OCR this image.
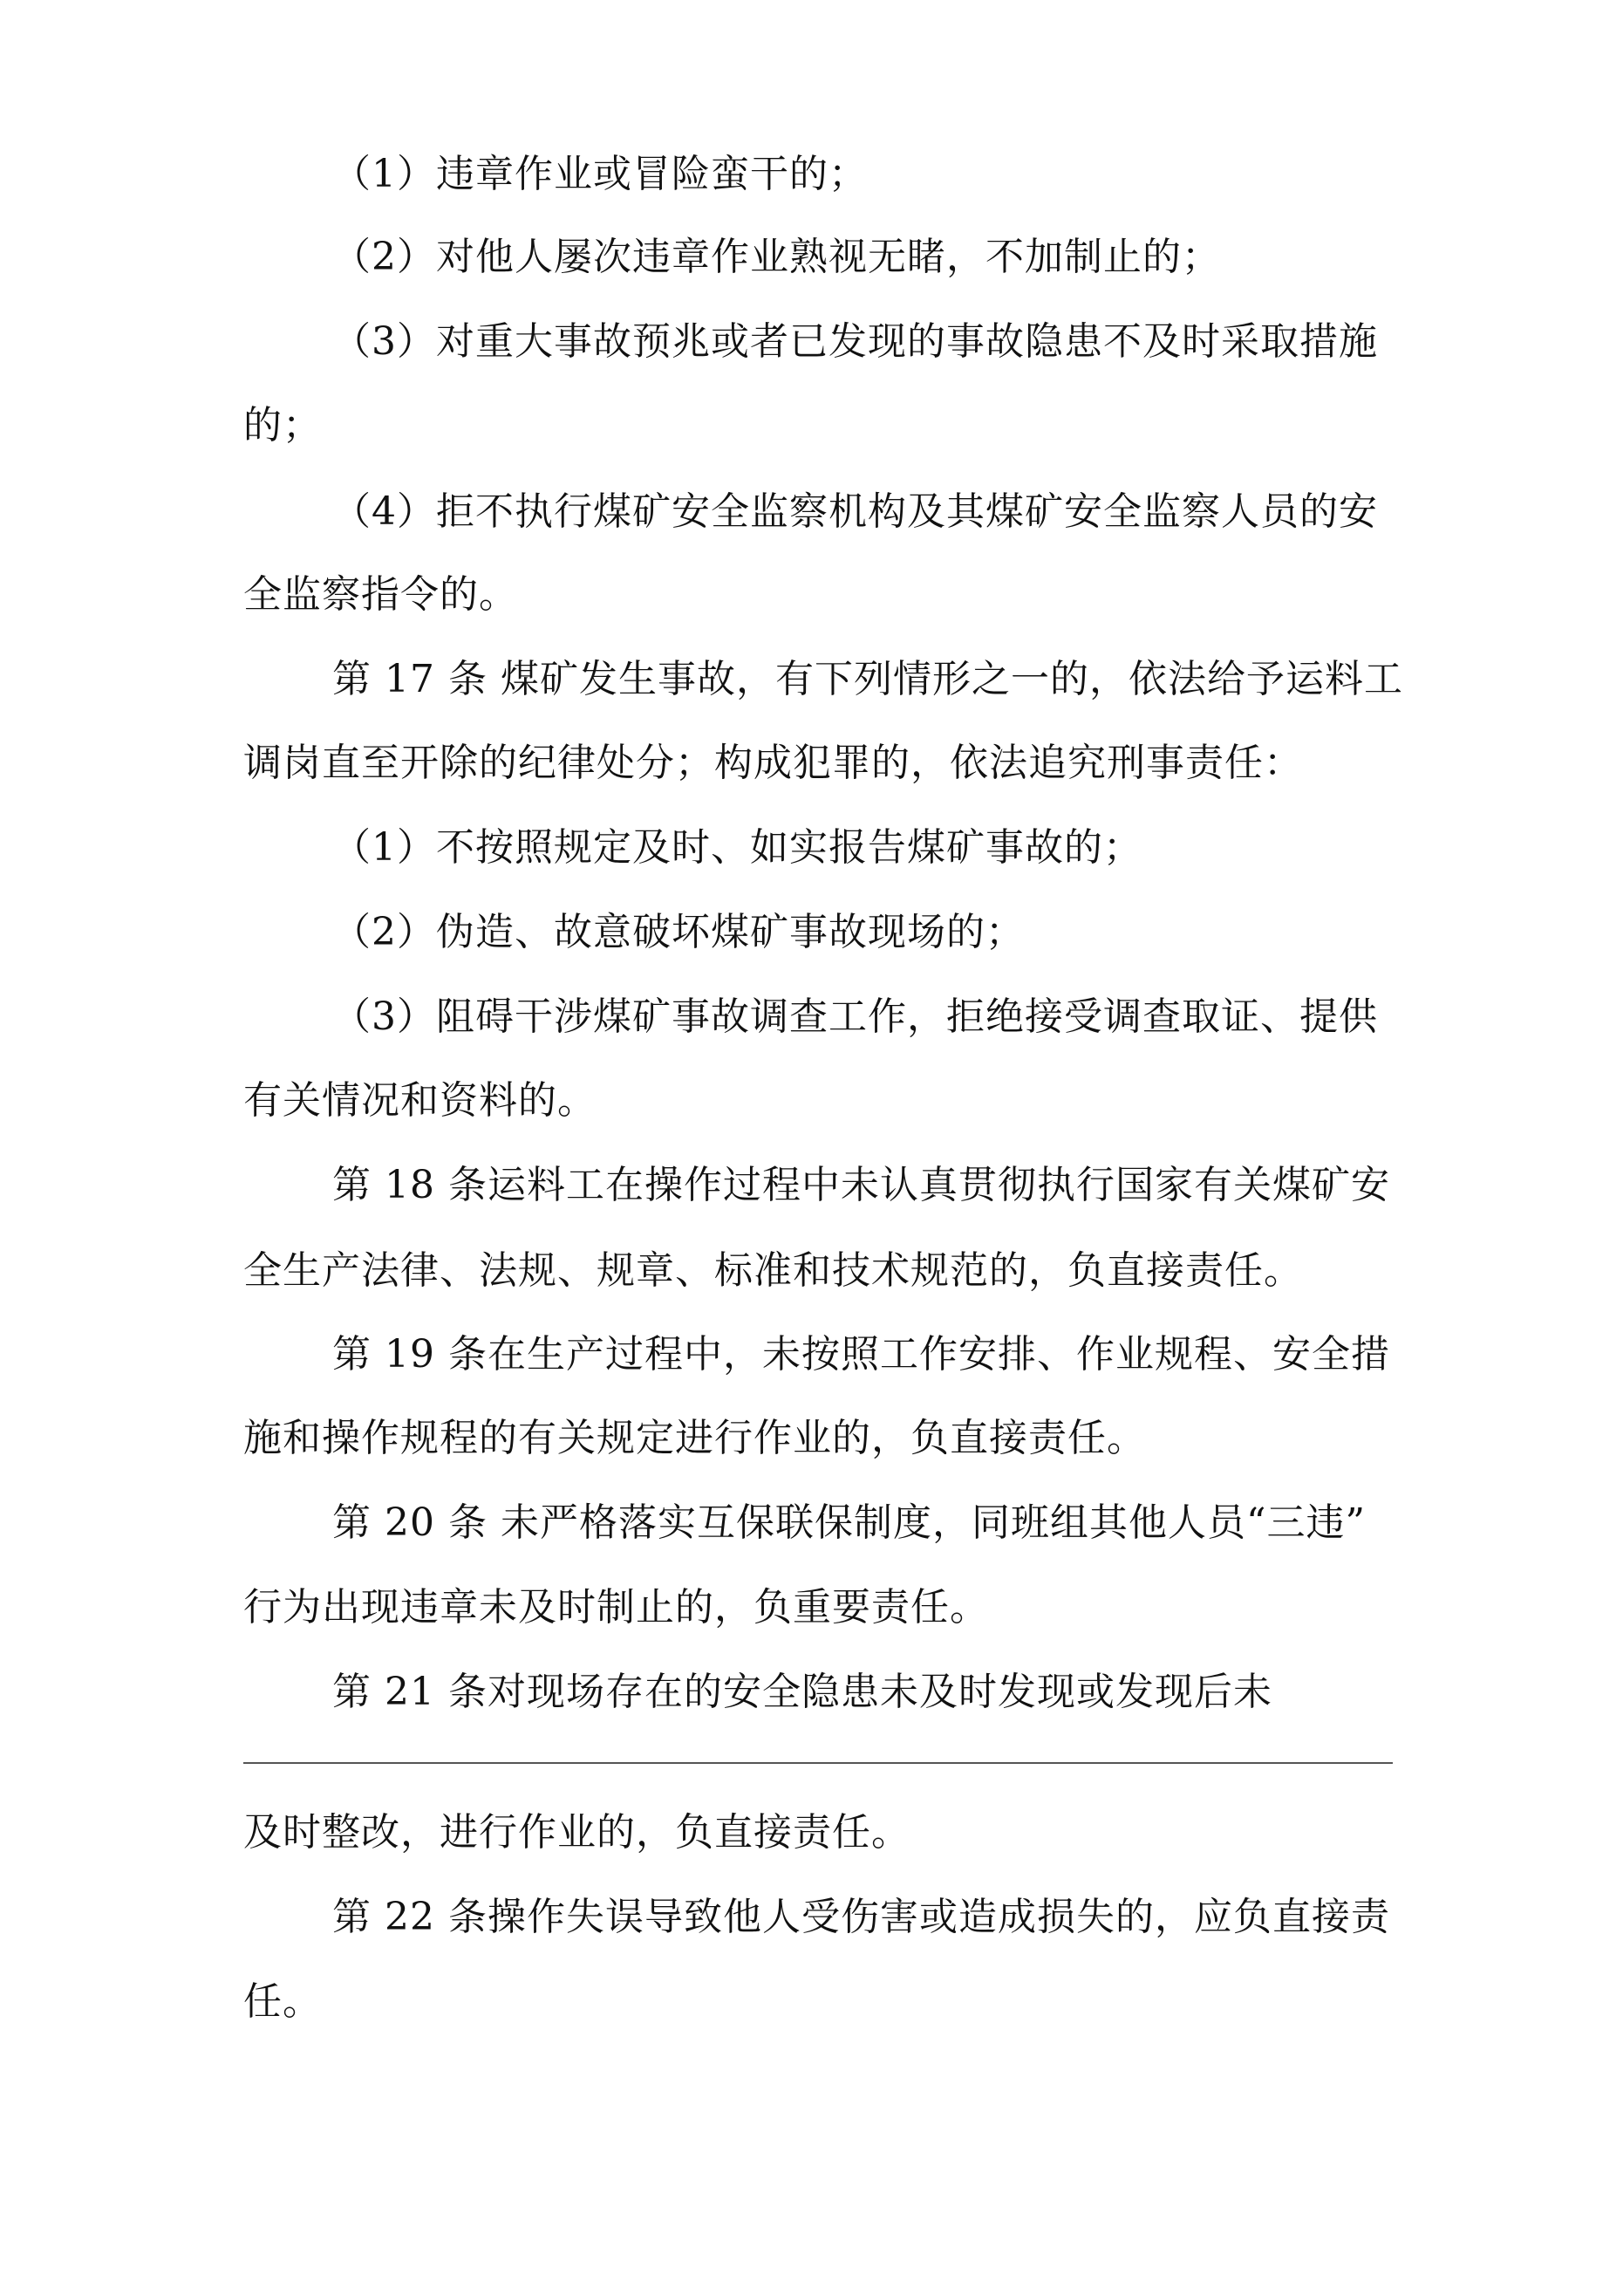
（1）违章作业或冒险蛮干的；
（2）对他人屡次违章作业熟视无睹，不加制止的；
（3）对重大事故预兆或者已发现的事故隐患不及时采取措施
的；
（4）拒不执行煤矿安全监察机构及其煤矿安全监察人员的安
全监察指令的。
第 17 条 煤矿发生事故，有下列情形之一的，依法给予运料工
调岗直至开除的纪律处分；构成犯罪的，依法追究刑事责任：
（1）不按照规定及时、如实报告煤矿事故的；
（2）伪造、故意破坏煤矿事故现场的；
（3）阻碍干涉煤矿事故调查工作，拒绝接受调查取证、提供
有关情况和资料的。
第 18 条运料工在操作过程中未认真贯彻执行国家有关煤矿安
全生产法律、法规、规章、标准和技术规范的，负直接责任。
第 19 条在生产过程中，未按照工作安排、作业规程、安全措
施和操作规程的有关规定进行作业的，负直接责任。
第 20 条 未严格落实互保联保制度，同班组其他人员“三违”
行为出现违章未及时制止的，负重要责任。
第 21 条对现场存在的安全隐患未及时发现或发现后未
及时整改，进行作业的，负直接责任。
第 22 条操作失误导致他人受伤害或造成损失的，应负直接责
任。
